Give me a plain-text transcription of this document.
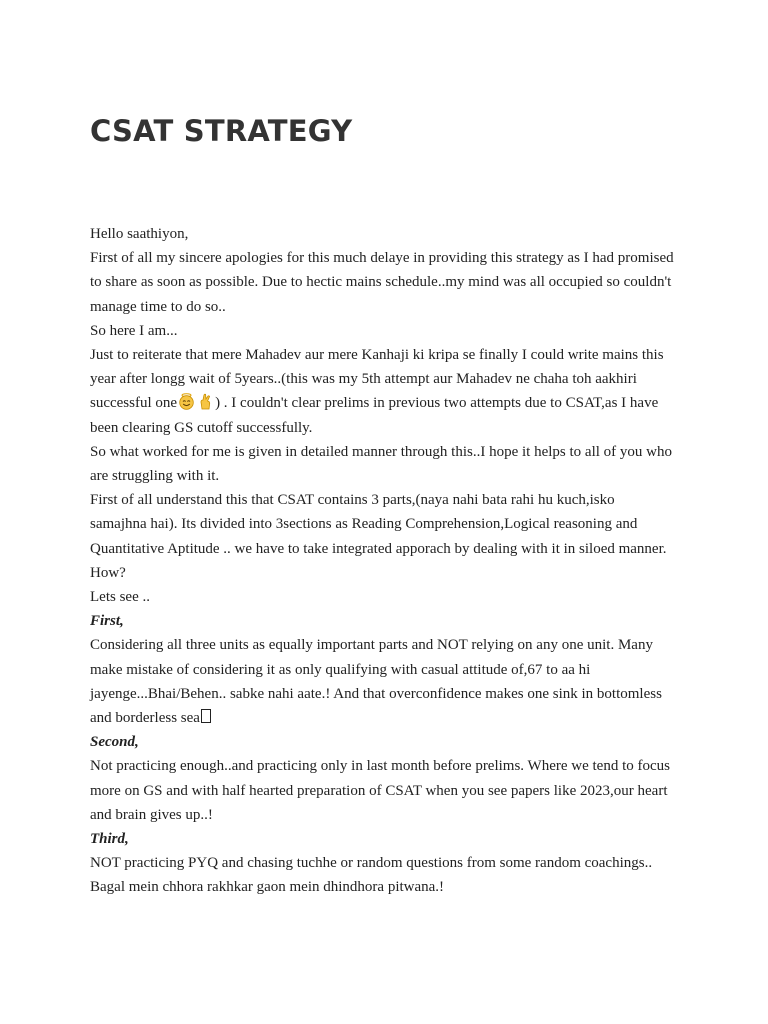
CSAT STRATEGY

Hello saathiyon,

First of all my sincere apologies for this much delaye in providing this strategy as I had promised

to share as soon as possible. Due to hectic mains schedule..my mind was all occupied so couldn't

manage time to do so..

So here I am...

Just to reiterate that mere Mahadev aur mere Kanhaji ki kripa se finally I could write mains this

year after longg wait of 5years..(this was my 5th attempt aur Mahadev ne chaha toh aakhiri

successful one	) . I couldn't clear prelims in previous two attempts due to CSAT,as I have

been clearing GS cutoff successfully.

So what worked for me is given in detailed manner through this..I hope it helps to all of you who

are struggling with it.

First of all understand this that CSAT contains 3 parts,(naya nahi bata rahi hu kuch,isko

samajhna hai). Its divided into 3sections as Reading Comprehension,Logical reasoning and

Quantitative Aptitude .. we have to take integrated apporach by dealing with it in siloed manner.

How?

Lets see ..

First,

Considering all three units as equally important parts and NOT relying on any one unit. Many

make mistake of considering it as only qualifying with casual attitude of,67 to aa hi

jayenge...Bhai/Behen.. sabke nahi aate.! And that overconfidence makes one sink in bottomless

and borderless sea

Second,

Not practicing enough..and practicing only in last month before prelims. Where we tend to focus

more on GS and with half hearted preparation of CSAT when you see papers like 2023,our heart

and brain gives up..!

Third,

NOT practicing PYQ and chasing tuchhe or random questions from some random coachings..

Bagal mein chhora rakhkar gaon mein dhindhora pitwana.!
